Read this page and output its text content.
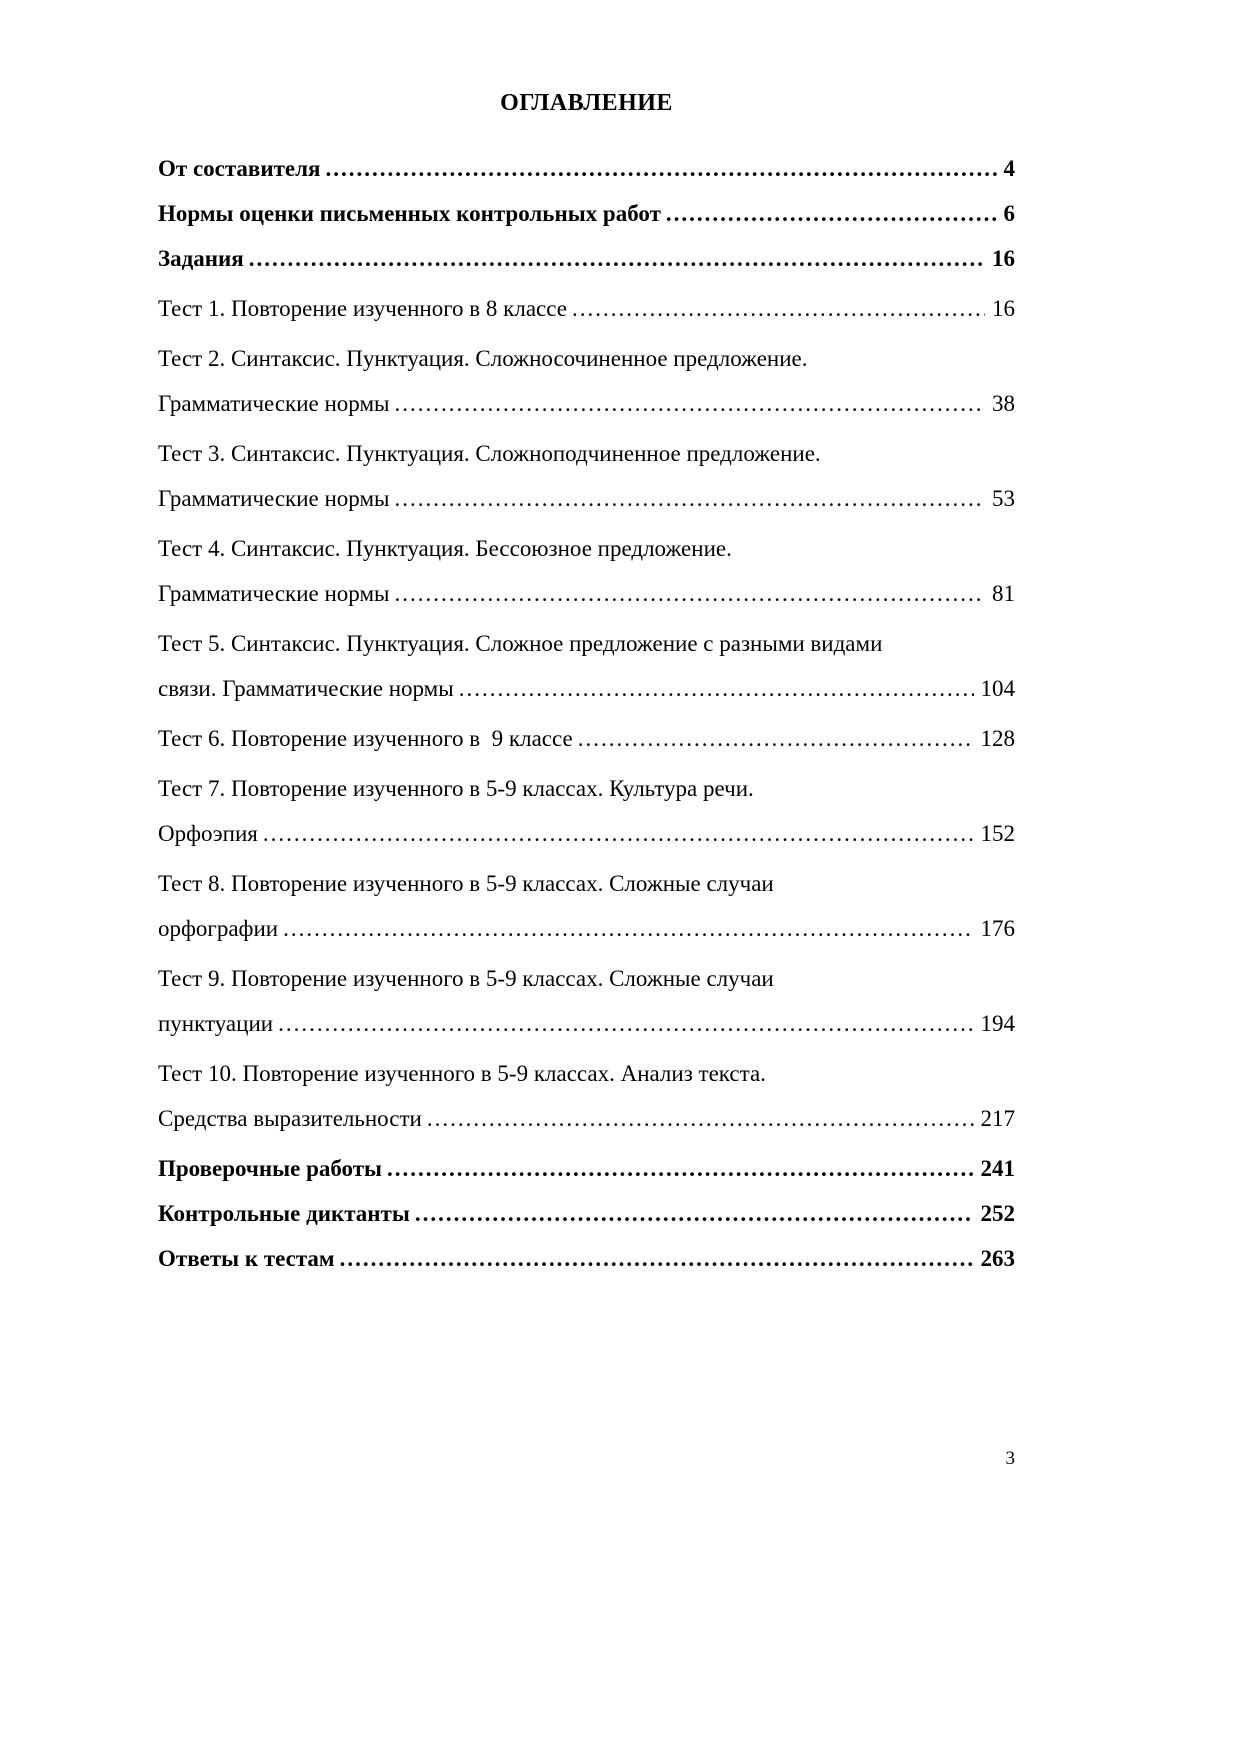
ОГЛАВЛЕНИЕ
От составителя .....	4
Нормы оценки письменных контрольных работ .....	6
Задания .....	16
Тест 1. Повторение изученного в 8 классе .....	16
Тест 2. Синтаксис. Пунктуация. Сложносочиненное предложение.
Грамматические нормы .....	38
Тест 3. Синтаксис. Пунктуация. Сложноподчиненное предложение.
Грамматические нормы .....	53
Тест 4. Синтаксис. Пунктуация. Бессоюзное предложение.
Грамматические нормы .....	81
Тест 5. Синтаксис. Пунктуация. Сложное предложение с разными видами
связи. Грамматические нормы .....	104
Тест 6. Повторение изученного в  9 классе .....	128
Тест 7. Повторение изученного в 5-9 классах. Культура речи.
Орфоэпия .....	152
Тест 8. Повторение изученного в 5-9 классах. Сложные случаи
орфографии .....	176
Тест 9. Повторение изученного в 5-9 классах. Сложные случаи
пунктуации .....	194
Тест 10. Повторение изученного в 5-9 классах. Анализ текста.
Средства выразительности .....	217
Проверочные работы .....	241
Контрольные диктанты .....	252
Ответы к тестам .....	263
3
